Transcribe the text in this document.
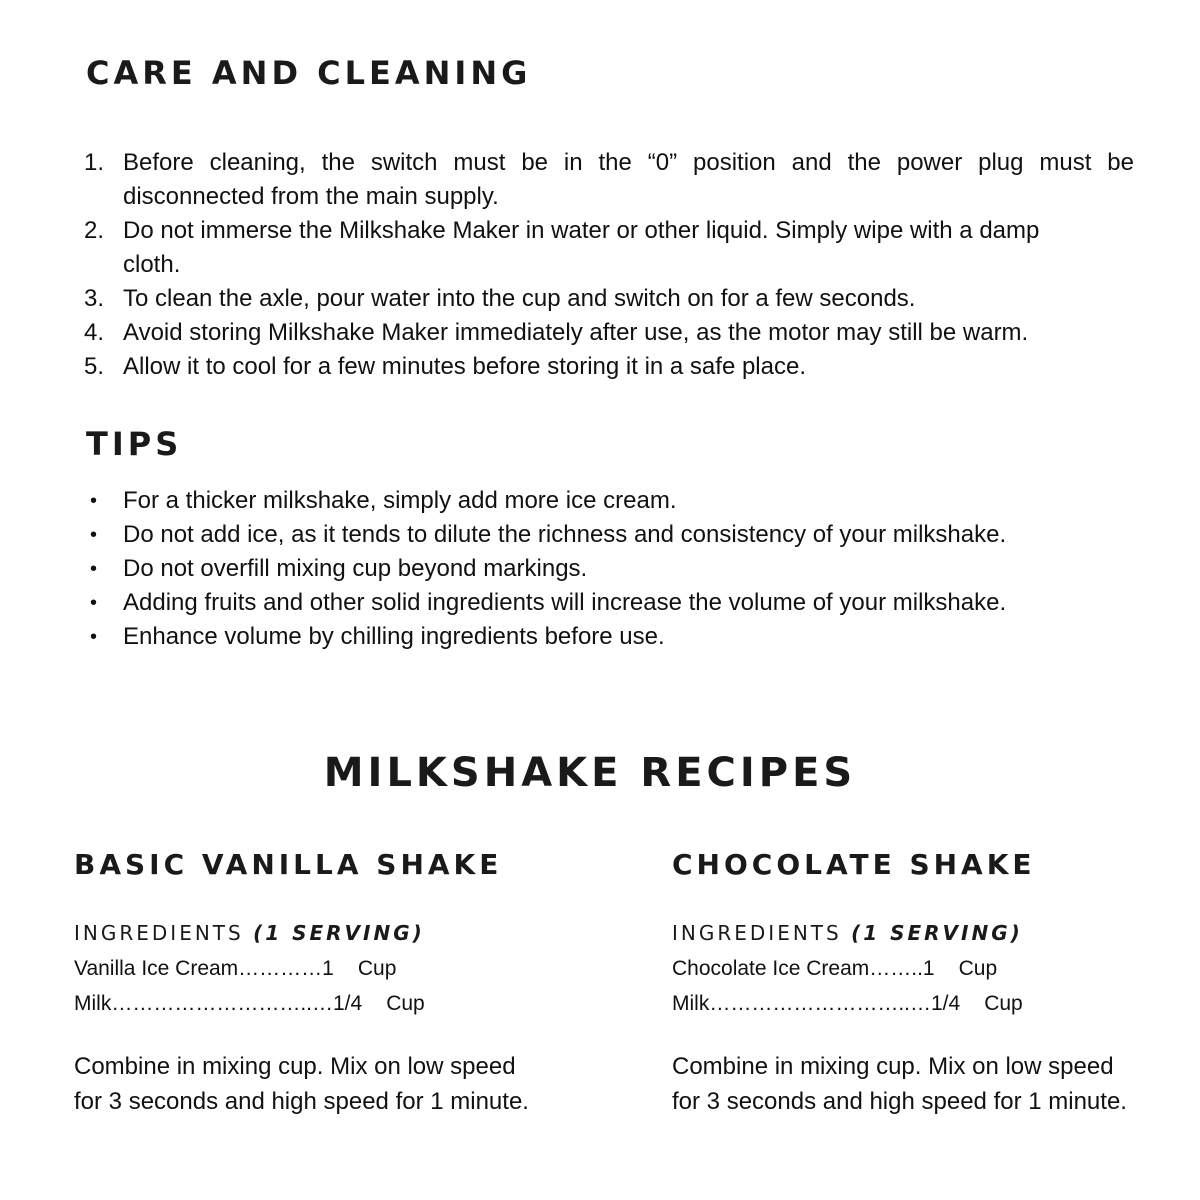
CARE AND CLEANING
1. Before cleaning, the switch must be in the “0” position and the power plug must be disconnected from the main supply.
2. Do not immerse the Milkshake Maker in water or other liquid. Simply wipe with a damp cloth.
3. To clean the axle, pour water into the cup and switch on for a few seconds.
4. Avoid storing Milkshake Maker immediately after use, as the motor may still be warm.
5. Allow it to cool for a few minutes before storing it in a safe place.
TIPS
• For a thicker milkshake, simply add more ice cream.
• Do not add ice, as it tends to dilute the richness and consistency of your milkshake.
• Do not overfill mixing cup beyond markings.
• Adding fruits and other solid ingredients will increase the volume of your milkshake.
• Enhance volume by chilling ingredients before use.
MILKSHAKE RECIPES
BASIC VANILLA SHAKE
INGREDIENTS (1 SERVING)
Vanilla Ice Cream…………1 Cup
Milk………………………..…1/4 Cup
Combine in mixing cup. Mix on low speed
for 3 seconds and high speed for 1 minute.
CHOCOLATE SHAKE
INGREDIENTS (1 SERVING)
Chocolate Ice Cream……..1 Cup
Milk………………………..…1/4 Cup
Combine in mixing cup. Mix on low speed
for 3 seconds and high speed for 1 minute.
